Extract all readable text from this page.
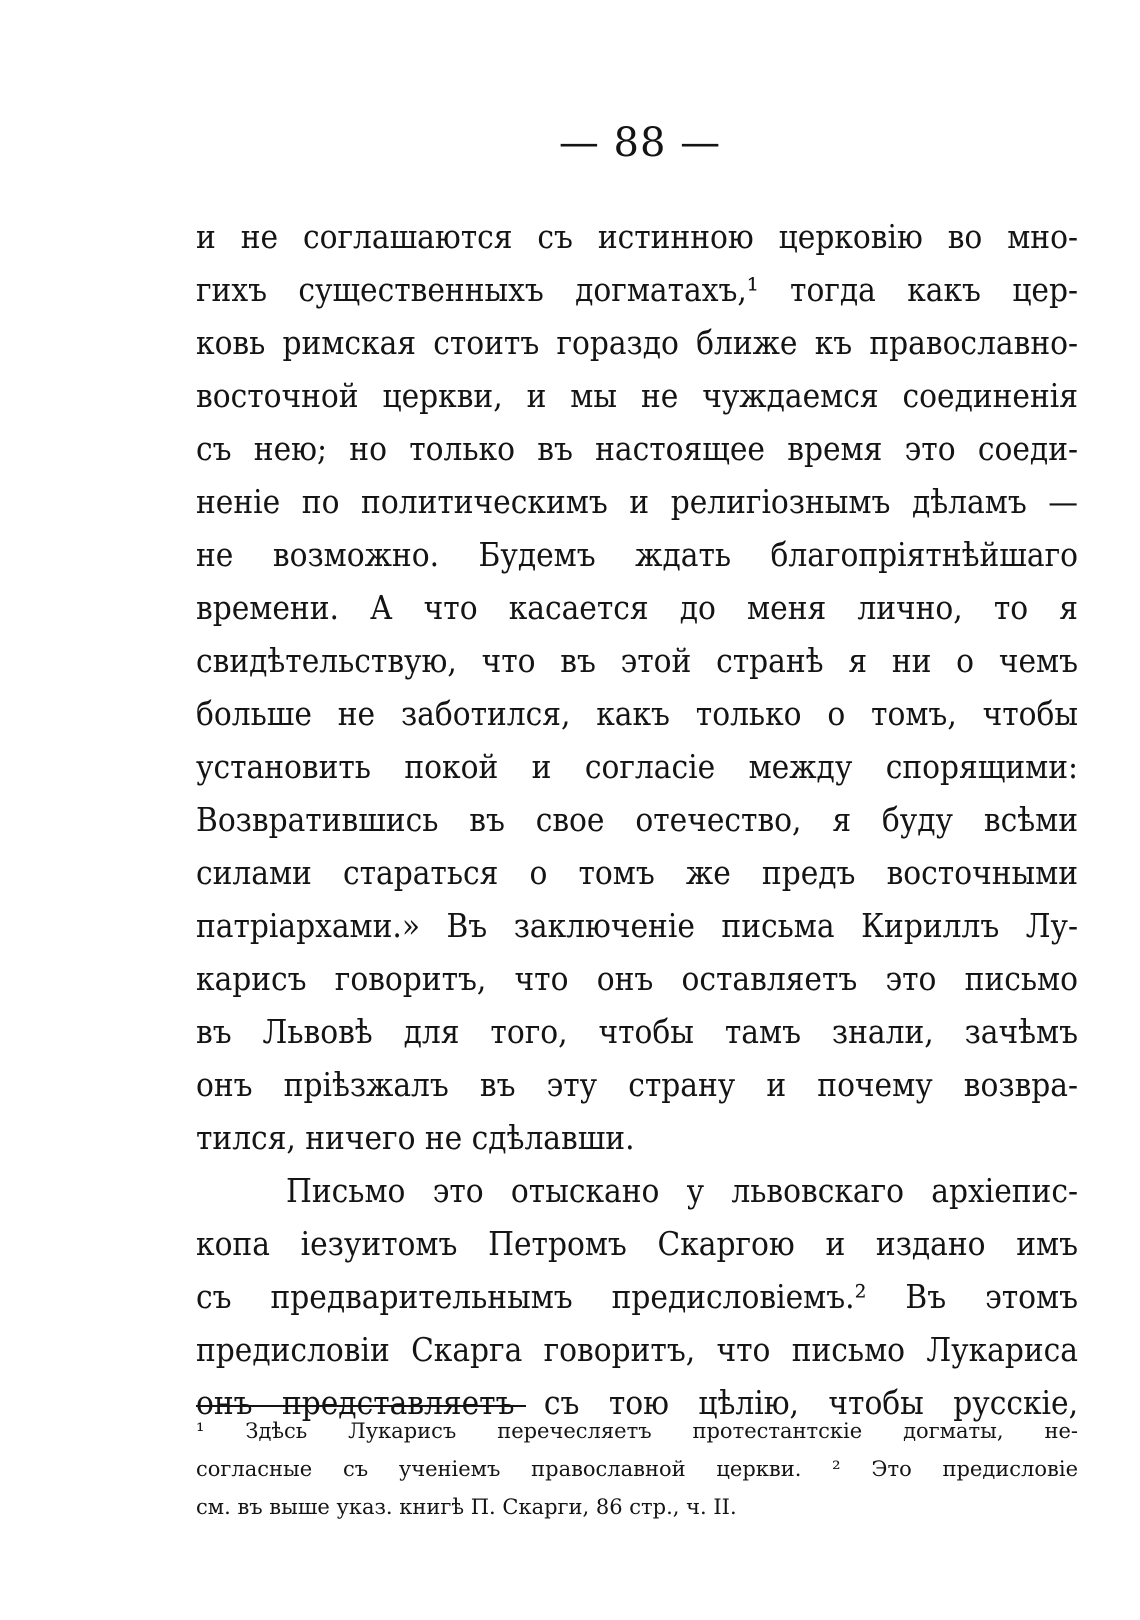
— 88 —
и не соглашаются съ истинною церковію во мно-
гихъ существенныхъ догматахъ,¹ тогда какъ цер-
ковь римская стоитъ гораздо ближе къ православно-
восточной церкви, и мы не чуждаемся соединенія
съ нею; но только въ настоящее время это соеди-
неніе по политическимъ и религіознымъ дѣламъ —
не возможно. Будемъ ждать благопріятнѣйшаго
времени. А что касается до меня лично, то я
свидѣтельствую, что въ этой странѣ я ни о чемъ
больше не заботился, какъ только о томъ, чтобы
установить покой и согласіе между спорящими:
Возвратившись въ свое отечество, я буду всѣми
силами стараться о томъ же предъ восточными
патріархами.» Въ заключеніе письма Кириллъ Лу-
карисъ говоритъ, что онъ оставляетъ это письмо
въ Львовѣ для того, чтобы тамъ знали, зачѣмъ
онъ пріѣзжалъ въ эту страну и почему возвра-
тился, ничего не сдѣлавши.
Письмо это отыскано у львовскаго архіепис-
копа іезуитомъ Петромъ Скаргою и издано имъ
съ предварительнымъ предисловіемъ.² Въ этомъ
предисловіи Скарга говоритъ, что письмо Лукариса
онъ представляетъ съ тою цѣлію, чтобы русскіе,
¹ Здѣсь Лукарисъ перечесляетъ протестантскіе догматы, не-
согласные съ ученіемъ православной церкви. ² Это предисловіе
см. въ выше указ. книгѣ П. Скарги, 86 стр., ч. II.
